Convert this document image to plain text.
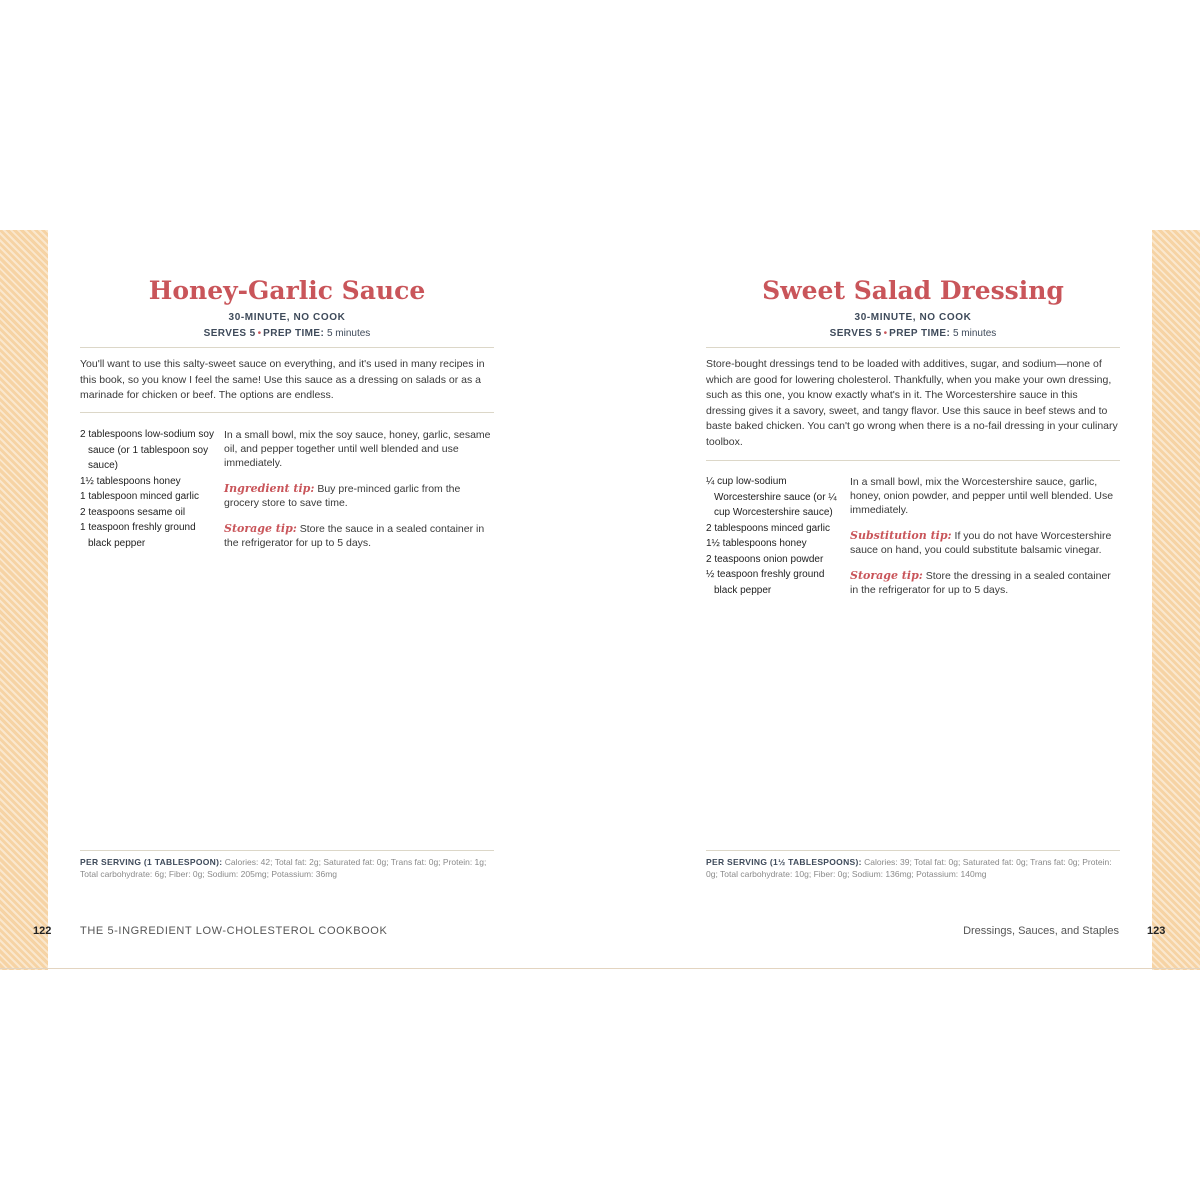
Honey-Garlic Sauce
30-MINUTE, NO COOK
SERVES 5 • PREP TIME: 5 minutes

You'll want to use this salty-sweet sauce on everything, and it's used in many recipes in this book, so you know I feel the same! Use this sauce as a dressing on salads or as a marinade for chicken or beef. The options are endless.

2 tablespoons low-sodium soy sauce (or 1 tablespoon soy sauce)
1½ tablespoons honey
1 tablespoon minced garlic
2 teaspoons sesame oil
1 teaspoon freshly ground black pepper

In a small bowl, mix the soy sauce, honey, garlic, sesame oil, and pepper together until well blended and use immediately.

Ingredient tip: Buy pre-minced garlic from the grocery store to save time.

Storage tip: Store the sauce in a sealed container in the refrigerator for up to 5 days.

PER SERVING (1 TABLESPOON): Calories: 42; Total fat: 2g; Saturated fat: 0g; Trans fat: 0g; Protein: 1g; Total carbohydrate: 6g; Fiber: 0g; Sodium: 205mg; Potassium: 36mg
122	THE 5-INGREDIENT LOW-CHOLESTEROL COOKBOOK
Sweet Salad Dressing
30-MINUTE, NO COOK
SERVES 5 • PREP TIME: 5 minutes

Store-bought dressings tend to be loaded with additives, sugar, and sodium—none of which are good for lowering cholesterol. Thankfully, when you make your own dressing, such as this one, you know exactly what's in it. The Worcestershire sauce in this dressing gives it a savory, sweet, and tangy flavor. Use this sauce in beef stews and to baste baked chicken. You can't go wrong when there is a no-fail dressing in your culinary toolbox.

¼ cup low-sodium Worcestershire sauce (or ¼ cup Worcestershire sauce)
2 tablespoons minced garlic
1½ tablespoons honey
2 teaspoons onion powder
½ teaspoon freshly ground black pepper

In a small bowl, mix the Worcestershire sauce, garlic, honey, onion powder, and pepper until well blended. Use immediately.

Substitution tip: If you do not have Worcestershire sauce on hand, you could substitute balsamic vinegar.

Storage tip: Store the dressing in a sealed container in the refrigerator for up to 5 days.

PER SERVING (1½ TABLESPOONS): Calories: 39; Total fat: 0g; Saturated fat: 0g; Trans fat: 0g; Protein: 0g; Total carbohydrate: 10g; Fiber: 0g; Sodium: 136mg; Potassium: 140mg
Dressings, Sauces, and Staples	123
